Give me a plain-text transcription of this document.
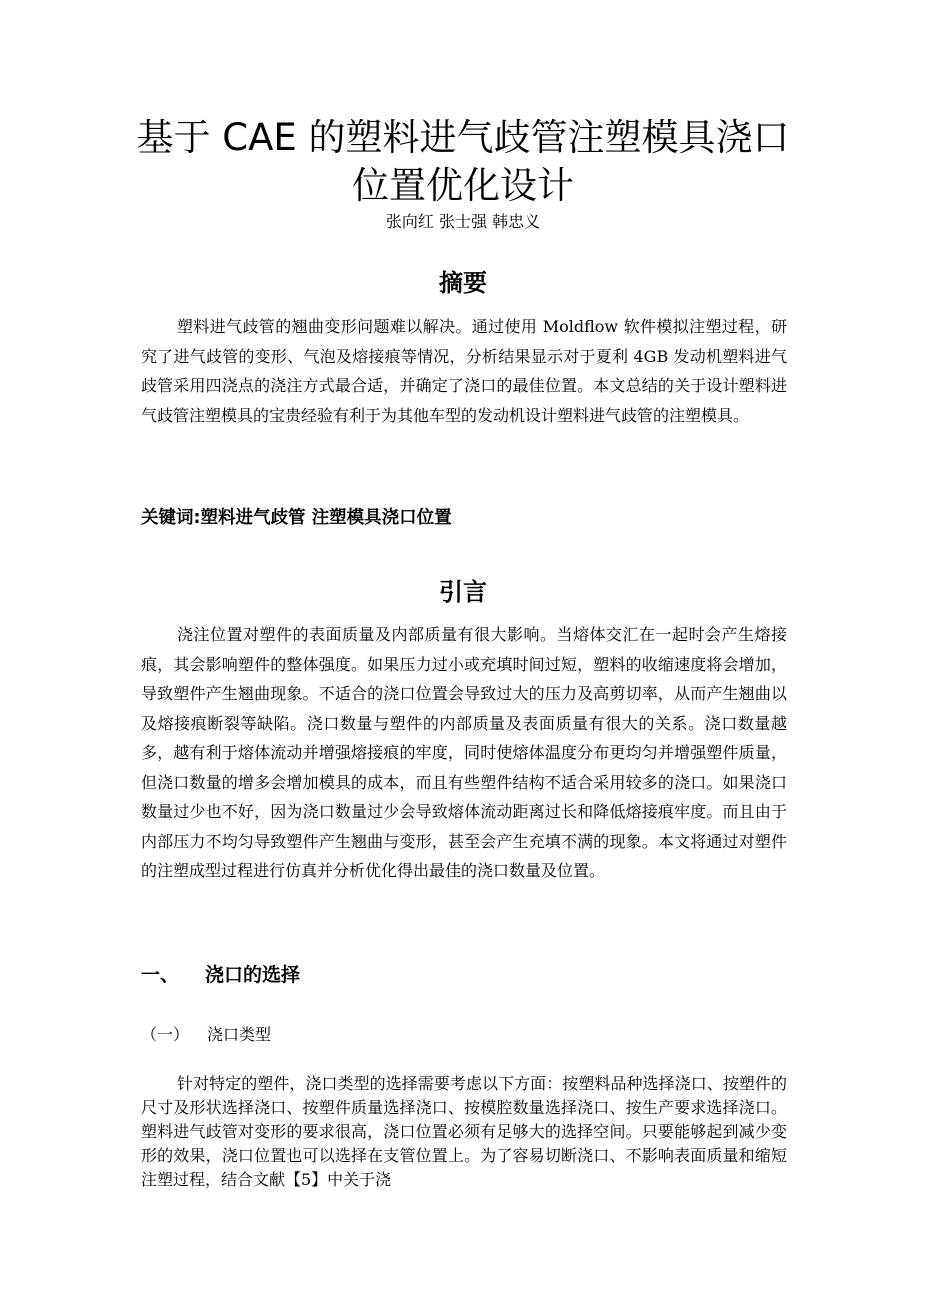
基于 CAE 的塑料进气歧管注塑模具浇口
位置优化设计
张向红 张士强 韩忠义
摘要

塑料进气歧管的翘曲变形问题难以解决。通过使用 Moldflow 软件模拟注塑过程，研究了进气歧管的变形、气泡及熔接痕等情况，分析结果显示对于夏利 4GB 发动机塑料进气歧管采用四浇点的浇注方式最合适，并确定了浇口的最佳位置。本文总结的关于设计塑料进气歧管注塑模具的宝贵经验有利于为其他车型的发动机设计塑料进气歧管的注塑模具。

关键词:塑料进气歧管 注塑模具浇口位置
引言

浇注位置对塑件的表面质量及内部质量有很大影响。当熔体交汇在一起时会产生熔接痕，其会影响塑件的整体强度。如果压力过小或充填时间过短，塑料的收缩速度将会增加，导致塑件产生翘曲现象。不适合的浇口位置会导致过大的压力及高剪切率，从而产生翘曲以及熔接痕断裂等缺陷。浇口数量与塑件的内部质量及表面质量有很大的关系。浇口数量越多，越有利于熔体流动并增强熔接痕的牢度，同时使熔体温度分布更均匀并增强塑件质量，但浇口数量的增多会增加模具的成本，而且有些塑件结构不适合采用较多的浇口。如果浇口数量过少也不好，因为浇口数量过少会导致熔体流动距离过长和降低熔接痕牢度。而且由于内部压力不均匀导致塑件产生翘曲与变形，甚至会产生充填不满的现象。本文将通过对塑件的注塑成型过程进行仿真并分析优化得出最佳的浇口数量及位置。

一、 浇口的选择
（一） 浇口类型

针对特定的塑件，浇口类型的选择需要考虑以下方面：按塑料品种选择浇口、按塑件的尺寸及形状选择浇口、按塑件质量选择浇口、按模腔数量选择浇口、按生产要求选择浇口。塑料进气歧管对变形的要求很高，浇口位置必须有足够大的选择空间。只要能够起到减少变形的效果，浇口位置也可以选择在支管位置上。为了容易切断浇口、不影响表面质量和缩短注塑过程，结合文献【5】中关于浇
